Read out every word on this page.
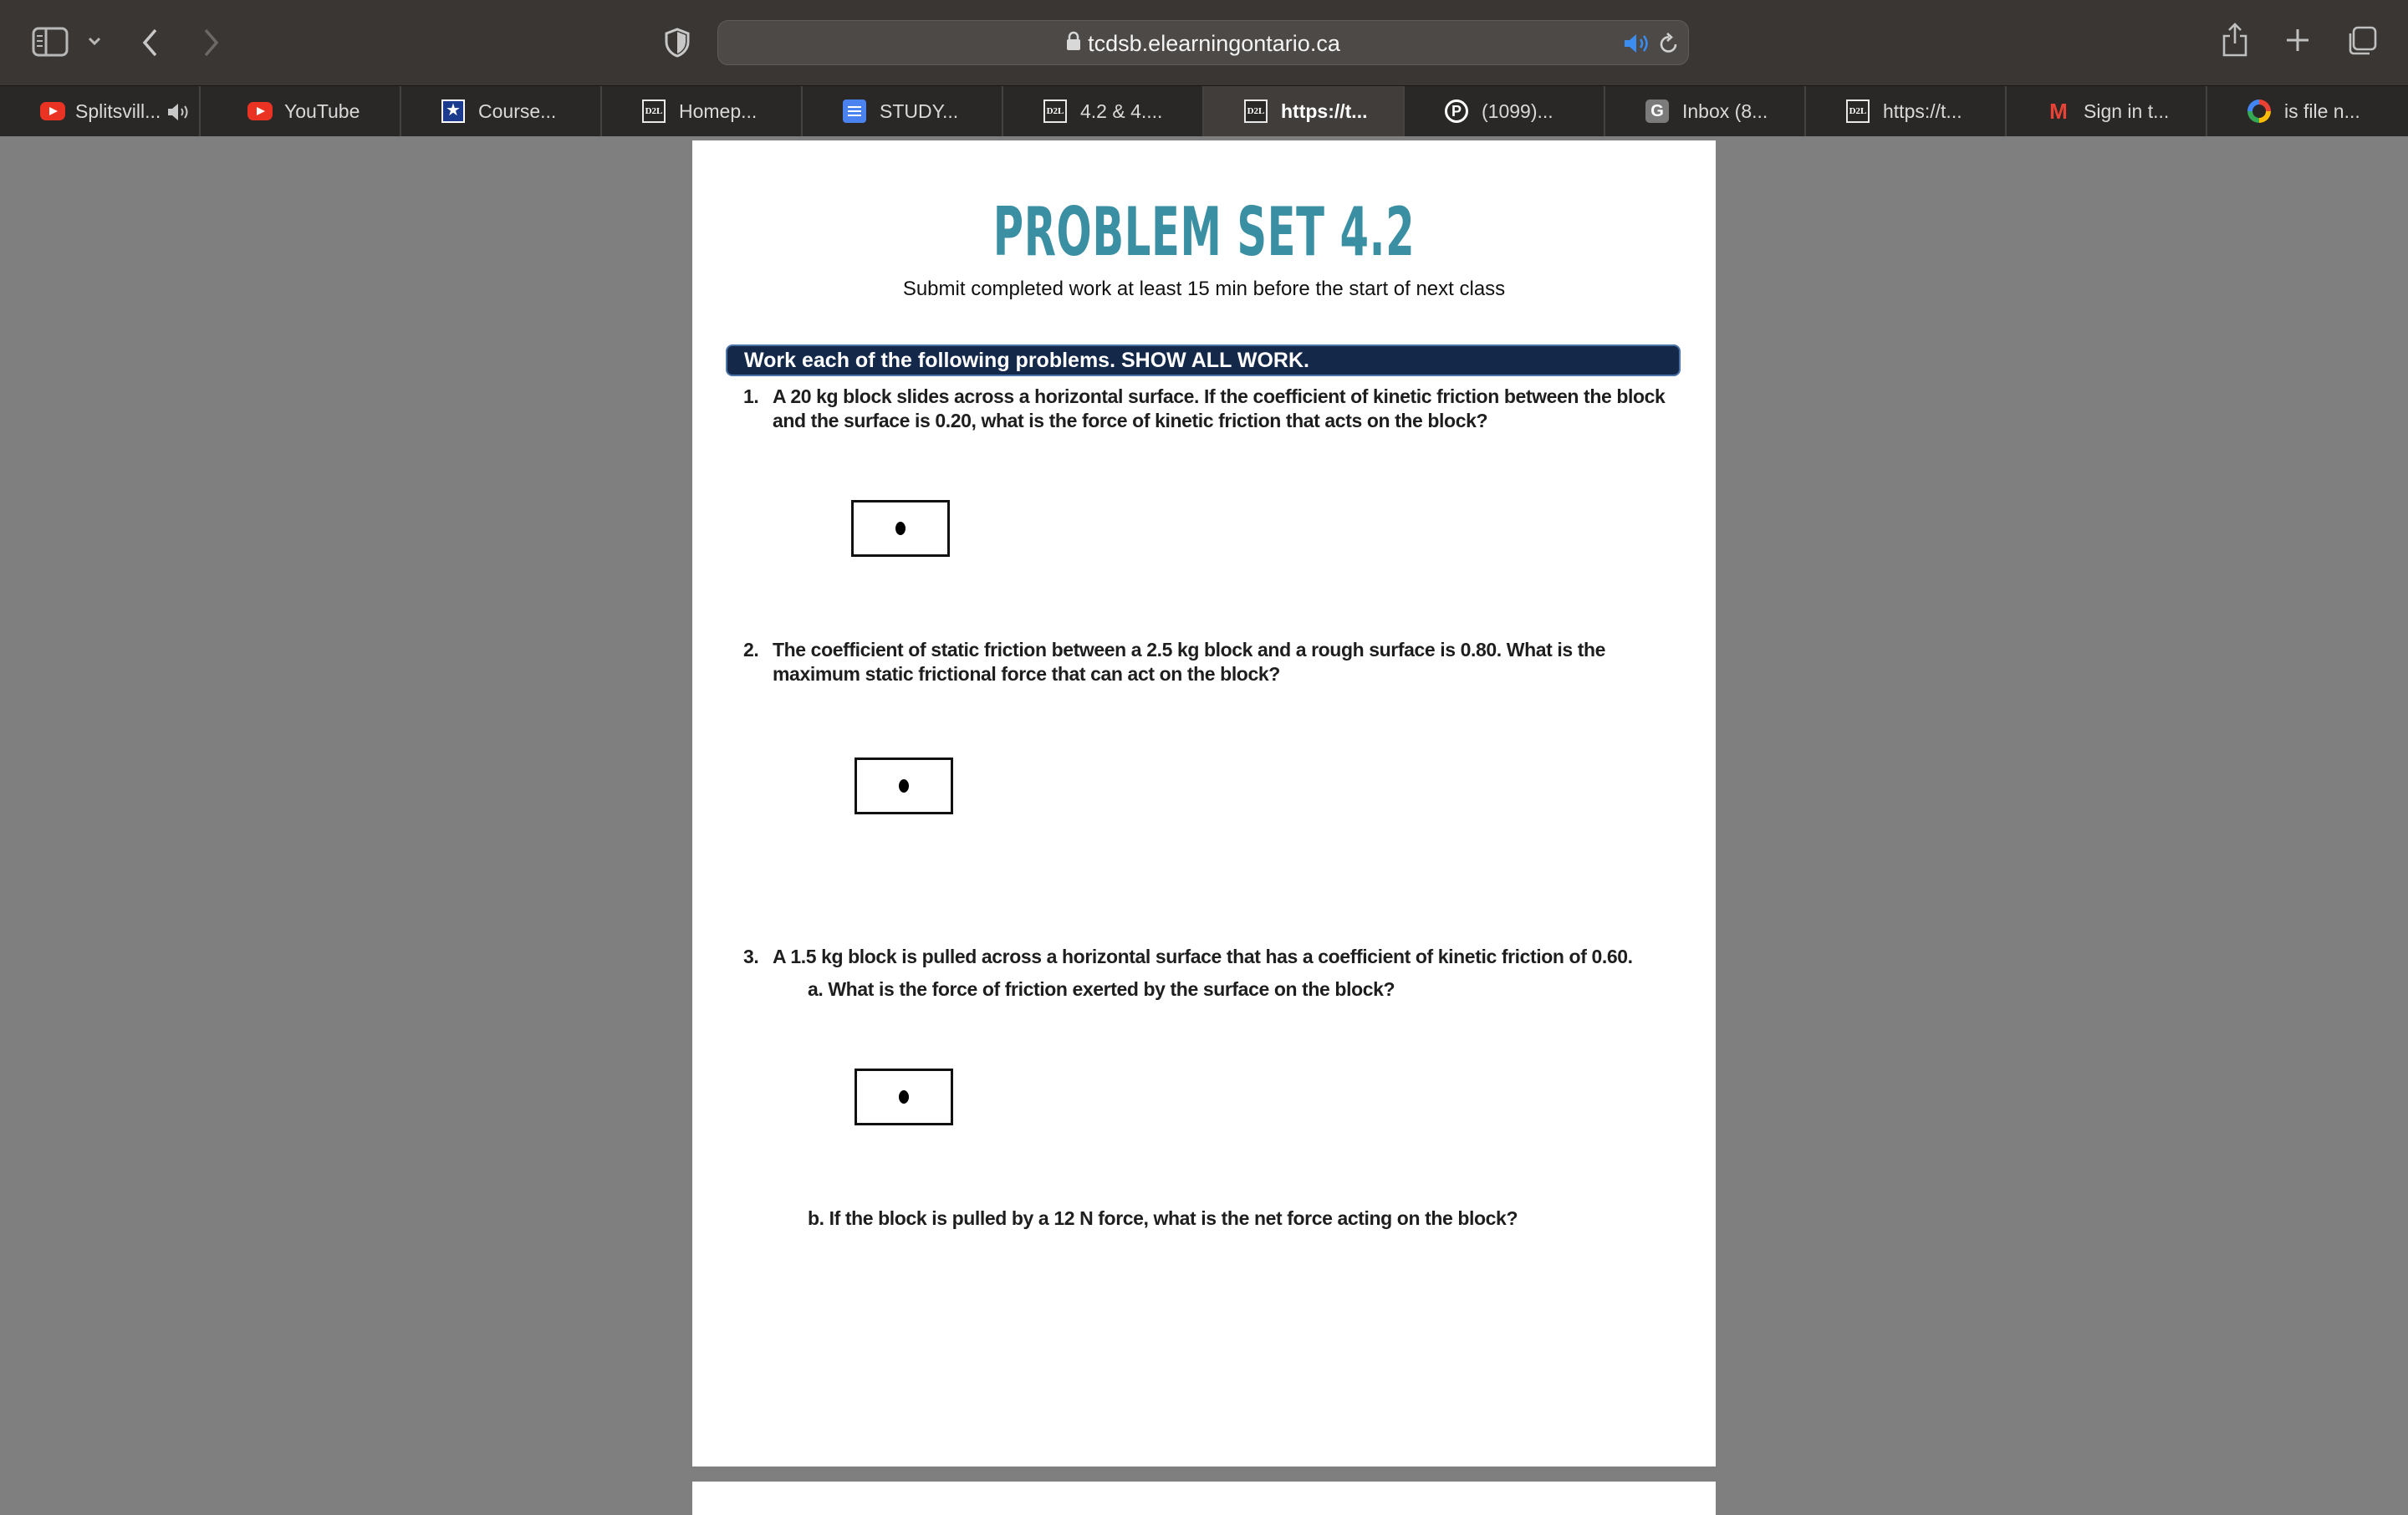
tcdsb.elearningontario.ca
Splitsvill...	YouTube	★ Course...	D2L Homep...	STUDY...	D2L 4.2 & 4....	D2L https://t...	P	(1099)...	G Inbox (8...	D2L https://t...	M Sign in t...	is file n...
PROBLEM SET 4.2
Submit completed work at least 15 min before the start of next class
Work each of the following problems. SHOW ALL WORK.
1. A 20 kg block slides across a horizontal surface. If the coefficient of kinetic friction between the block and the surface is 0.20, what is the force of kinetic friction that acts on the block?
2. The coefficient of static friction between a 2.5 kg block and a rough surface is 0.80. What is the maximum static frictional force that can act on the block?
3. A 1.5 kg block is pulled across a horizontal surface that has a coefficient of kinetic friction of 0.60.
a. What is the force of friction exerted by the surface on the block?
b. If the block is pulled by a 12 N force, what is the net force acting on the block?
